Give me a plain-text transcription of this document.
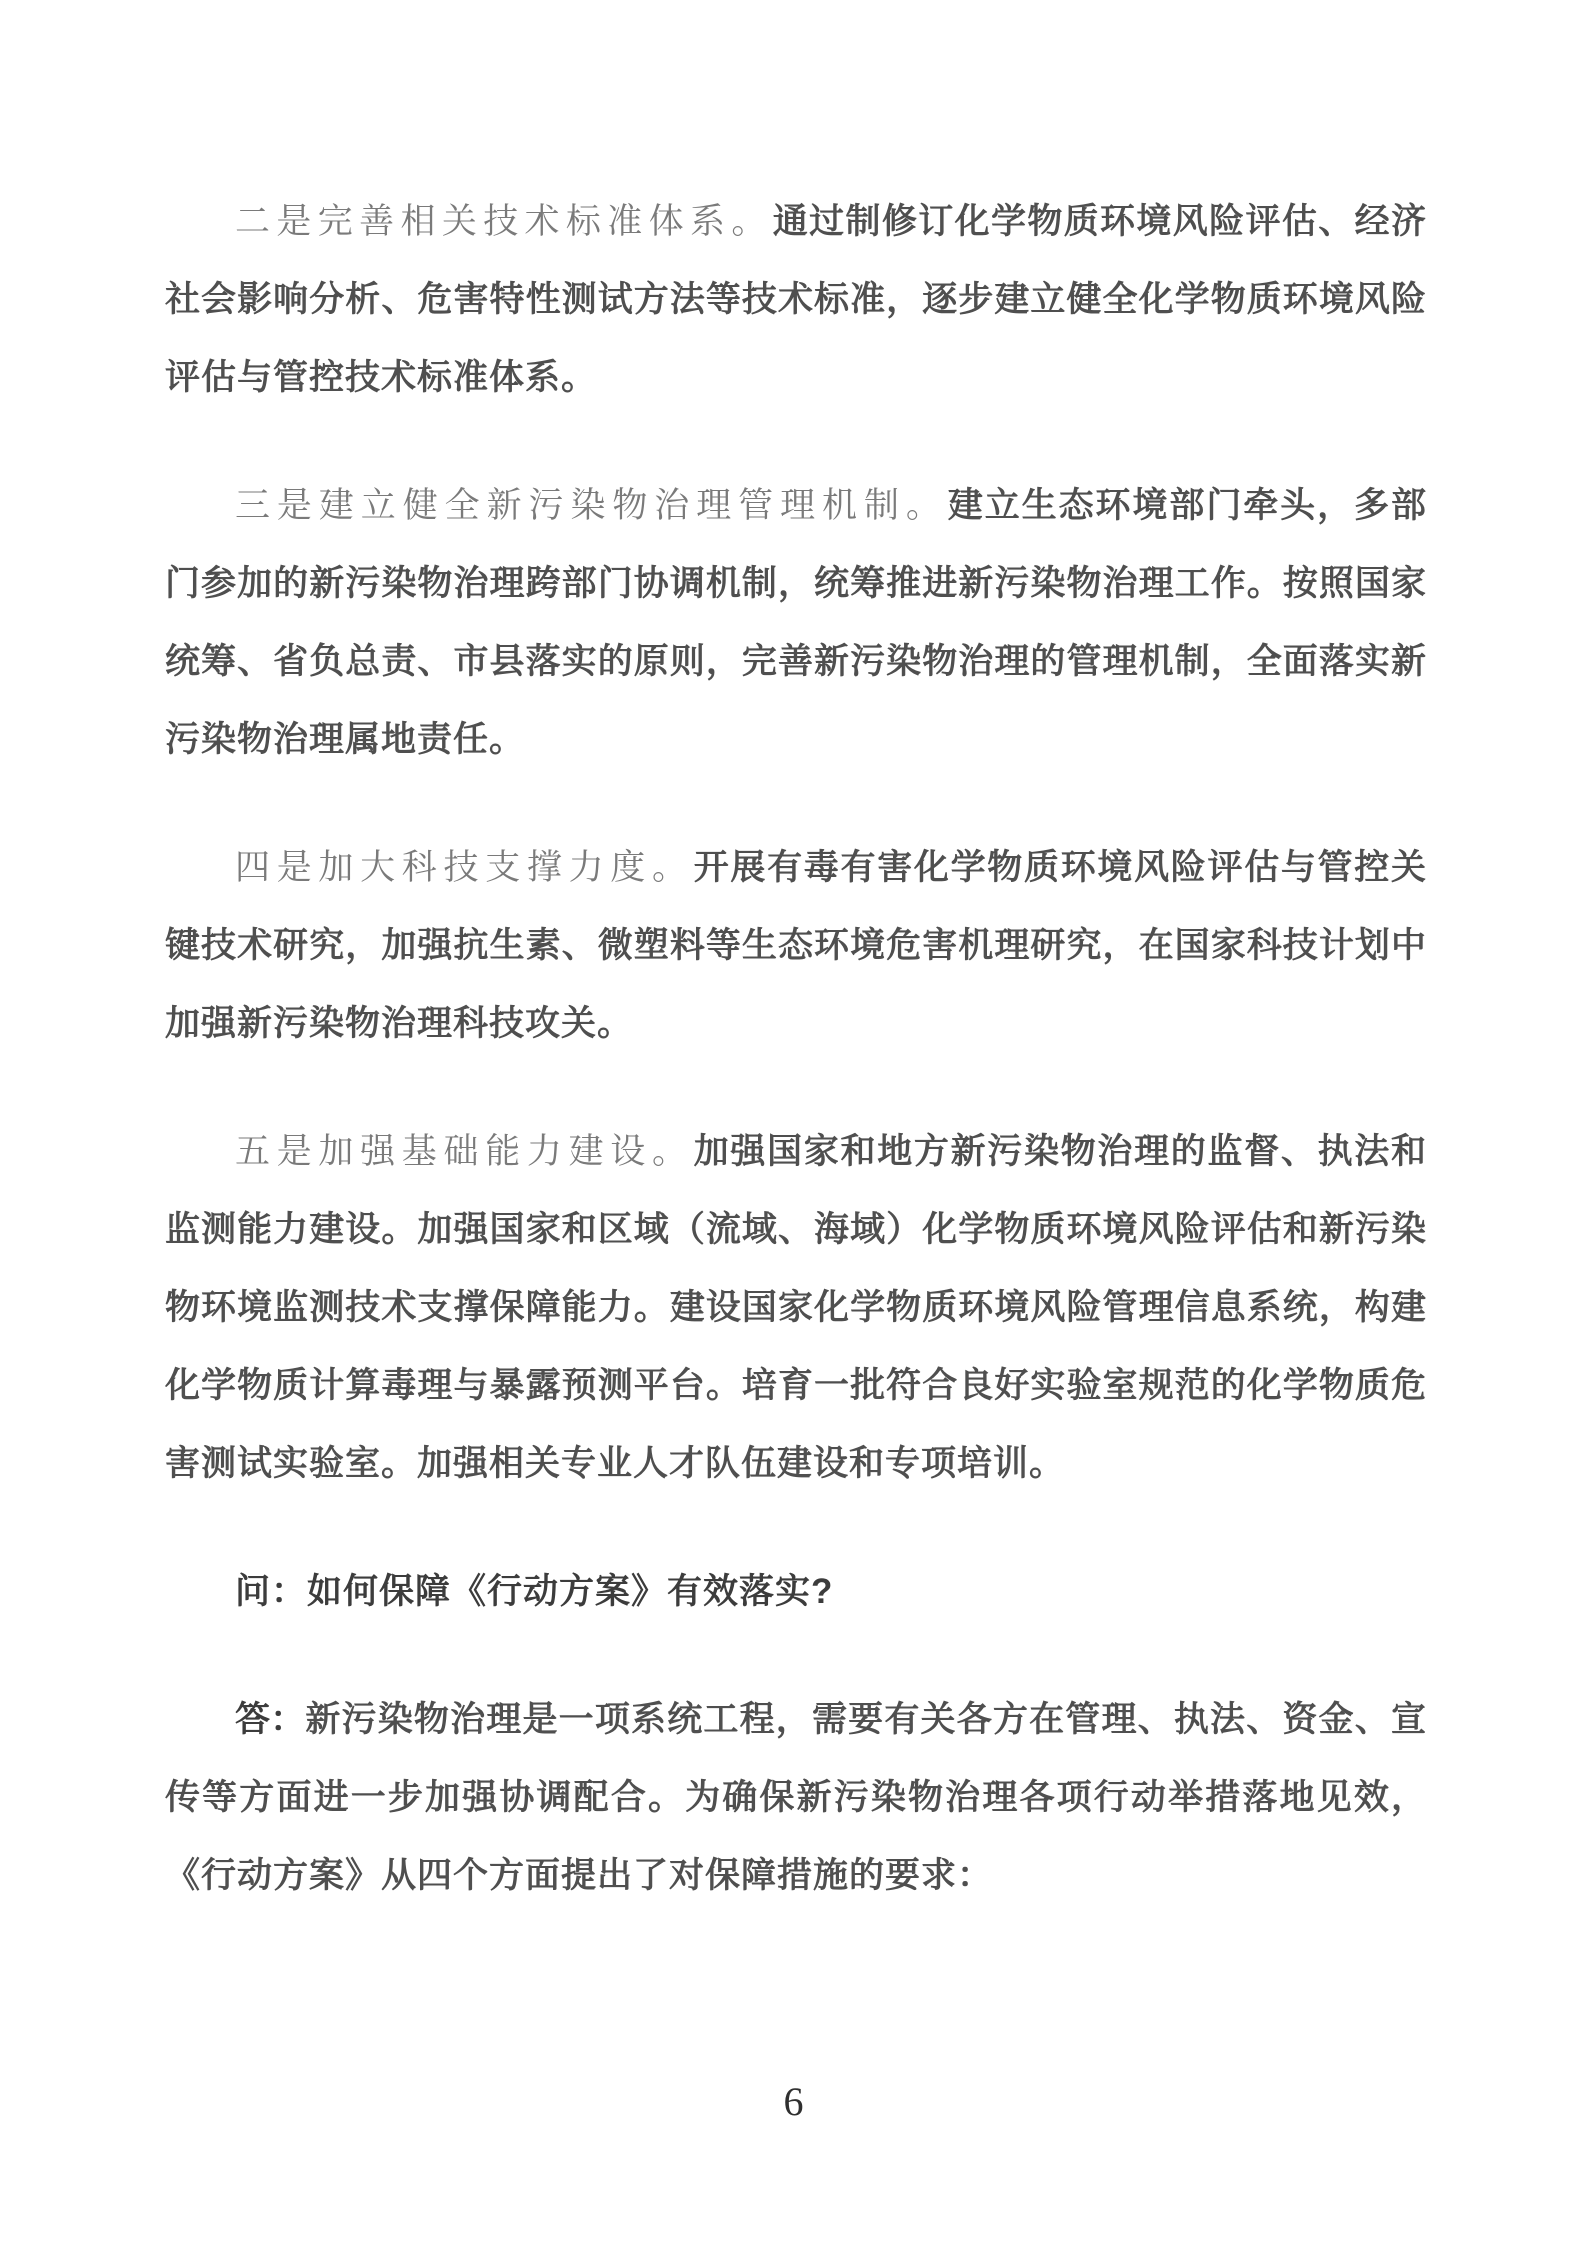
二是完善相关技术标准体系。通过制修订化学物质环境风险评估、经济社会影响分析、危害特性测试方法等技术标准，逐步建立健全化学物质环境风险评估与管控技术标准体系。

三是建立健全新污染物治理管理机制。建立生态环境部门牵头，多部门参加的新污染物治理跨部门协调机制，统筹推进新污染物治理工作。按照国家统筹、省负总责、市县落实的原则，完善新污染物治理的管理机制，全面落实新污染物治理属地责任。

四是加大科技支撑力度。开展有毒有害化学物质环境风险评估与管控关键技术研究，加强抗生素、微塑料等生态环境危害机理研究，在国家科技计划中加强新污染物治理科技攻关。

五是加强基础能力建设。加强国家和地方新污染物治理的监督、执法和监测能力建设。加强国家和区域（流域、海域）化学物质环境风险评估和新污染物环境监测技术支撑保障能力。建设国家化学物质环境风险管理信息系统，构建化学物质计算毒理与暴露预测平台。培育一批符合良好实验室规范的化学物质危害测试实验室。加强相关专业人才队伍建设和专项培训。

问：如何保障《行动方案》有效落实?

答：新污染物治理是一项系统工程，需要有关各方在管理、执法、资金、宣传等方面进一步加强协调配合。为确保新污染物治理各项行动举措落地见效，《行动方案》从四个方面提出了对保障措施的要求：

6
